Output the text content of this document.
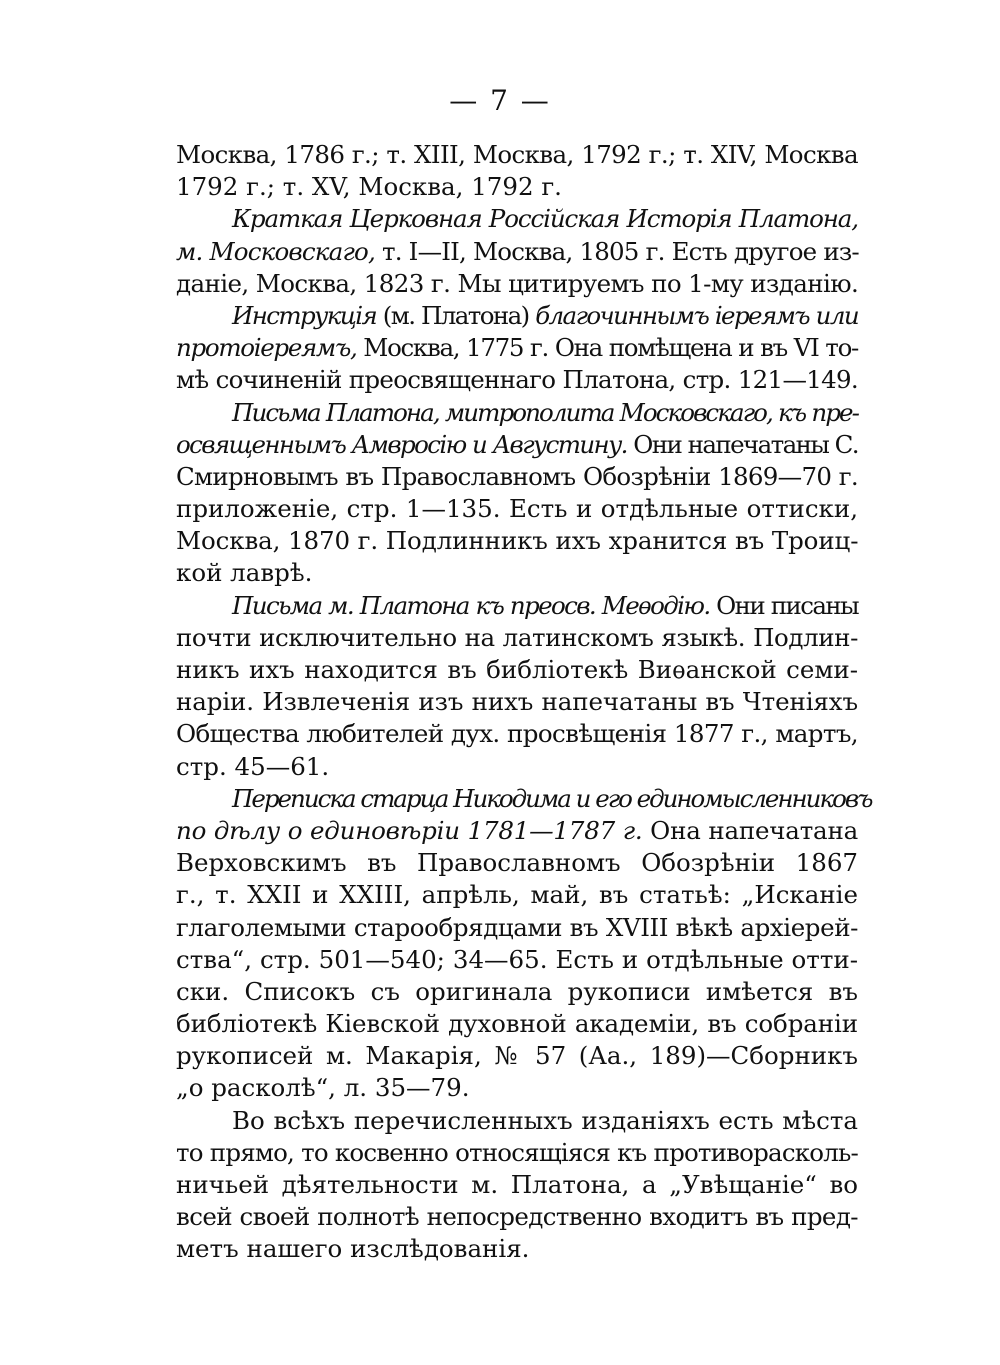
— 7 —
Москва, 1786 г.; т. XIII, Москва, 1792 г.; т. XIV, Москва
1792 г.; т. XV, Москва, 1792 г.
Краткая Церковная Россійская Исторія Платона,
м. Московскаго, т. I—II, Москва, 1805 г. Есть другое из-
даніе, Москва, 1823 г. Мы цитируемъ по 1-му изданію.
Инструкція (м. Платона) благочиннымъ іереямъ или
протоіереямъ, Москва, 1775 г. Она помѣщена и въ VI то-
мѣ сочиненій преосвященнаго Платона, стр. 121—149.
Письма Платона, митрополита Московскаго, къ пре-
освященнымъ Амвросію и Августину. Они напечатаны С.
Смирновымъ въ Православномъ Обозрѣніи 1869—70 г.
приложеніе, стр. 1—135. Есть и отдѣльные оттиски,
Москва, 1870 г. Подлинникъ ихъ хранится въ Троиц-
кой лаврѣ.
Письма м. Платона къ преосв. Меѳодію. Они писаны
почти исключительно на латинскомъ языкѣ. Подлин-
никъ ихъ находится въ библіотекѣ Виѳанской семи-
наріи. Извлеченія изъ нихъ напечатаны въ Чтеніяхъ
Общества любителей дух. просвѣщенія 1877 г., мартъ,
стр. 45—61.
Переписка старца Никодима и его единомысленниковъ
по дѣлу о единовѣріи 1781—1787 г. Она напечатана
Верховскимъ въ Православномъ Обозрѣніи 1867
г., т. XXII и XXIII, апрѣль, май, въ статьѣ: „Исканіе
глаголемыми старообрядцами въ XVIII вѣкѣ архіерей-
ства“, стр. 501—540; 34—65. Есть и отдѣльные отти-
ски. Списокъ съ оригинала рукописи имѣется въ
библіотекѣ Кіевской духовной академіи, въ собраніи
рукописей м. Макарія, № 57 (Аа., 189)—Сборникъ
„о расколѣ“, л. 35—79.
Во всѣхъ перечисленныхъ изданіяхъ есть мѣста
то прямо, то косвенно относящіяся къ противорасколь-
ничьей дѣятельности м. Платона, а „Увѣщаніе“ во
всей своей полнотѣ непосредственно входитъ въ пред-
метъ нашего изслѣдованія.
